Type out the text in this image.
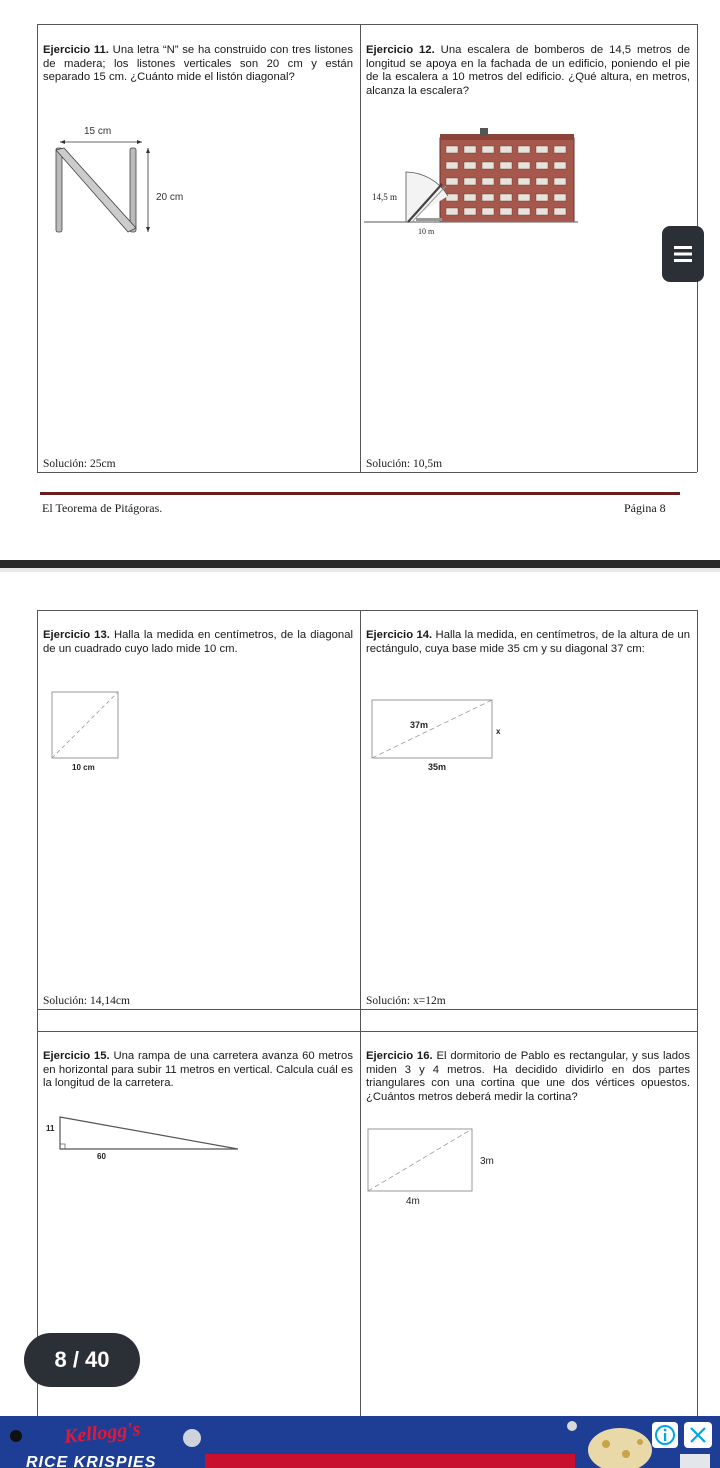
Ejercicio 11. Una letra “N” se ha construido con tres listones de madera; los listones verticales son 20 cm y están separado 15 cm. ¿Cuánto mide el listón diagonal?

15 cm
20 cm
Solución: 25cm

Ejercicio 12. Una escalera de bomberos de 14,5 metros de longitud se apoya en la fachada de un edificio, poniendo el pie de la escalera a 10 metros del edificio. ¿Qué altura, en metros, alcanza la escalera?

14,5 m
10 m
Solución: 10,5m
El Teorema de Pitágoras.	Página 8

Ejercicio 13. Halla la medida en centímetros, de la diagonal de un cuadrado cuyo lado mide 10 cm.

10 cm
Solución: 14,14cm

Ejercicio 14. Halla la medida, en centímetros, de la altura de un rectángulo, cuya base mide 35 cm y su diagonal 37 cm:

37m
x
35m
Solución: x=12m

Ejercicio 15. Una rampa de una carretera avanza 60 metros en horizontal para subir 11 metros en vertical. Calcula cuál es la longitud de la carretera.

11
60

Ejercicio 16. El dormitorio de Pablo es rectangular, y sus lados miden 3 y 4 metros. Ha decidido dividirlo en dos partes triangulares con una cortina que une dos vértices opuestos. ¿Cuántos metros deberá medir la cortina?

3m
4m
8 / 40
Kellogg's
RICE KRISPIES
